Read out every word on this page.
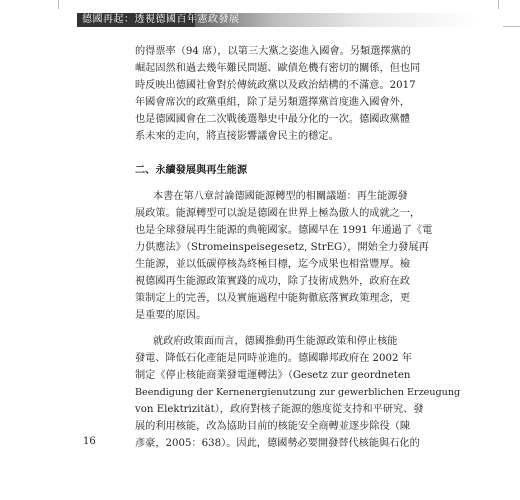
德國再起：透視德國百年憲政發展
的得票率（94 席），以第三大黨之姿進入國會。另類選擇黨的
崛起固然和過去幾年難民問題、歐債危機有密切的關係，但也同
時反映出德國社會對於傳統政黨以及政治結構的不滿意。2017
年國會席次的政黨重組，除了是另類選擇黨首度進入國會外，
也是德國國會在二次戰後選舉史中最分化的一次。德國政黨體
系未來的走向，將直接影響議會民主的穩定。
二、永續發展與再生能源
本書在第八章討論德國能源轉型的相關議題：再生能源發
展政策。能源轉型可以說是德國在世界上極為傲人的成就之一，
也是全球發展再生能源的典範國家。德國早在 1991 年通過了《電
力供應法》（Stromeinspeisegesetz, StrEG），開始全力發展再
生能源，並以低碳停核為終極目標，迄今成果也相當豐厚。檢
視德國再生能源政策實踐的成功，除了技術成熟外，政府在政
策制定上的完善，以及實施過程中能夠徹底落實政策理念，更
是重要的原因。
就政府政策面而言，德國推動再生能源政策和停止核能
發電、降低石化產能是同時並進的。德國聯邦政府在 2002 年
制定《停止核能商業發電運轉法》（Gesetz zur geordneten
Beendigung der Kernenergienutzung zur gewerblichen Erzeugung
von Elektrizität），政府對核子能源的態度從支持和平研究、發
展的利用核能，改為協助目前的核能安全商轉並逐步除役（陳
彥豪，2005：638）。因此，德國勢必要開發替代核能與石化的
16
